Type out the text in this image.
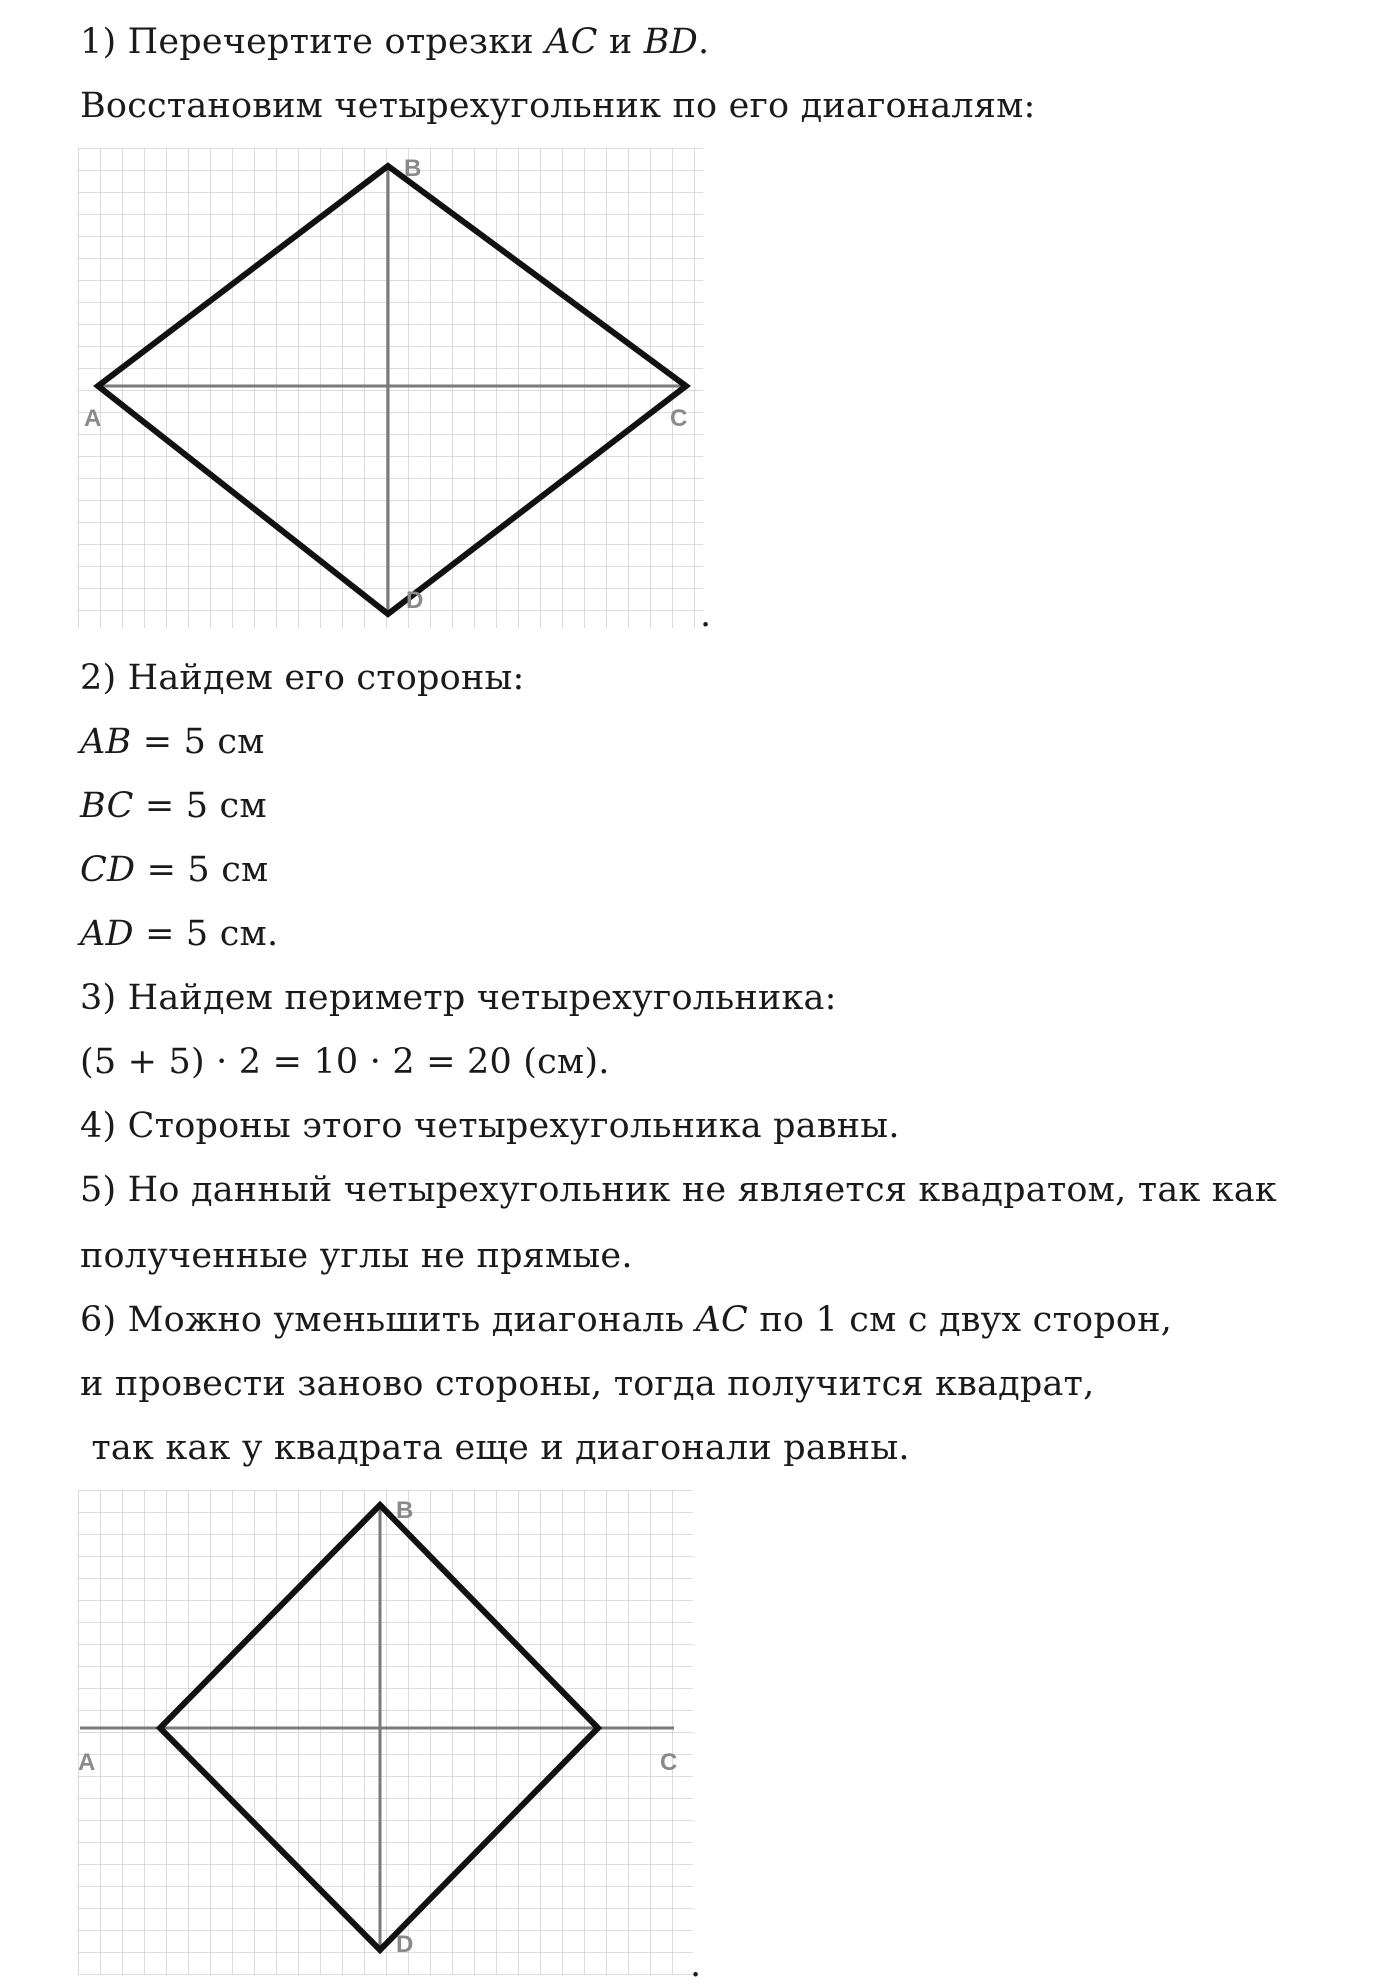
1) Перечертите отрезки AC и BD.
Восстановим четырехугольник по его диагоналям:
B
A	C
D	.
2) Найдем его стороны:
AB = 5 см
BC = 5 см
CD = 5 см
AD = 5 см.
3) Найдем периметр четырехугольника:
(5 + 5) · 2 = 10 · 2 = 20 (см).
4) Стороны этого четырехугольника равны.
5) Но данный четырехугольник не является квадратом, так как
полученные углы не прямые.
6) Можно уменьшить диагональ AC по 1 см с двух сторон,
и провести заново стороны, тогда получится квадрат,
так как у квадрата еще и диагонали равны.
B
A	C
D
.
